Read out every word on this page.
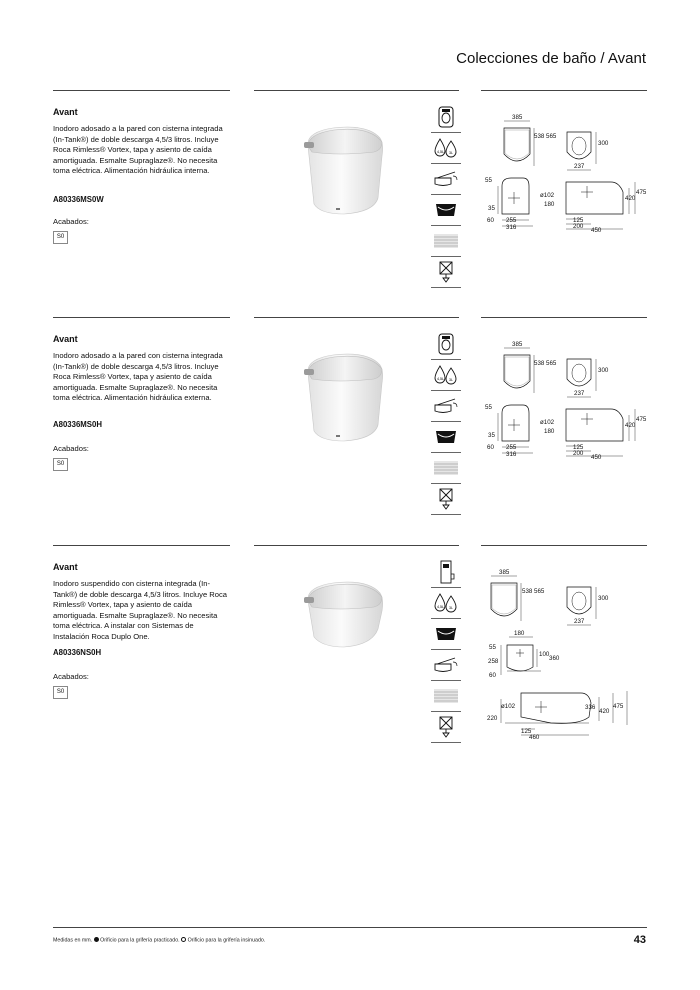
Colecciones de baño / Avant
Avant
Inodoro adosado a la pared con cisterna integrada (In-Tank®) de doble descarga 4,5/3 litros. Incluye Roca Rimless® Vortex, tapa y asiento de caída amortiguada. Esmalte Supraglaze®. No necesita toma eléctrica. Alimentación hidráulica interna.
A80336MS0W
Acabados:
S0
4,5L 3L
385
538 565
300
237
55
35
60 255
316
ø102
180
420
475
125
200
450
Avant
Inodoro adosado a la pared con cisterna integrada (In-Tank®) de doble descarga 4,5/3 litros. Incluye Roca Rimless® Vortex, tapa y asiento de caída amortiguada. Esmalte Supraglaze®. No necesita toma eléctrica. Alimentación hidráulica externa.
A80336MS0H
Acabados:
S0
4,5L 3L
385
538 565
300
237
55
35
60 255
316
ø102
180
420
475
125
200
450
Avant
Inodoro suspendido con cisterna integrada (In-Tank®) de doble descarga 4,5/3 litros. Incluye Roca Rimless® Vortex, tapa y asiento de caída amortiguada. Esmalte Supraglaze®. No necesita toma eléctrica. A instalar con Sistemas de Instalación Roca Duplo One.
A80336NS0H
Acabados:
S0
4,5L 3L
385
538 565
300
237
180
55
258
60
100
360
ø102
220
336
420
475
125
460
Medidas en mm. Orificio para la grifería practicado. Orificio para la grifería insinuado.	43
